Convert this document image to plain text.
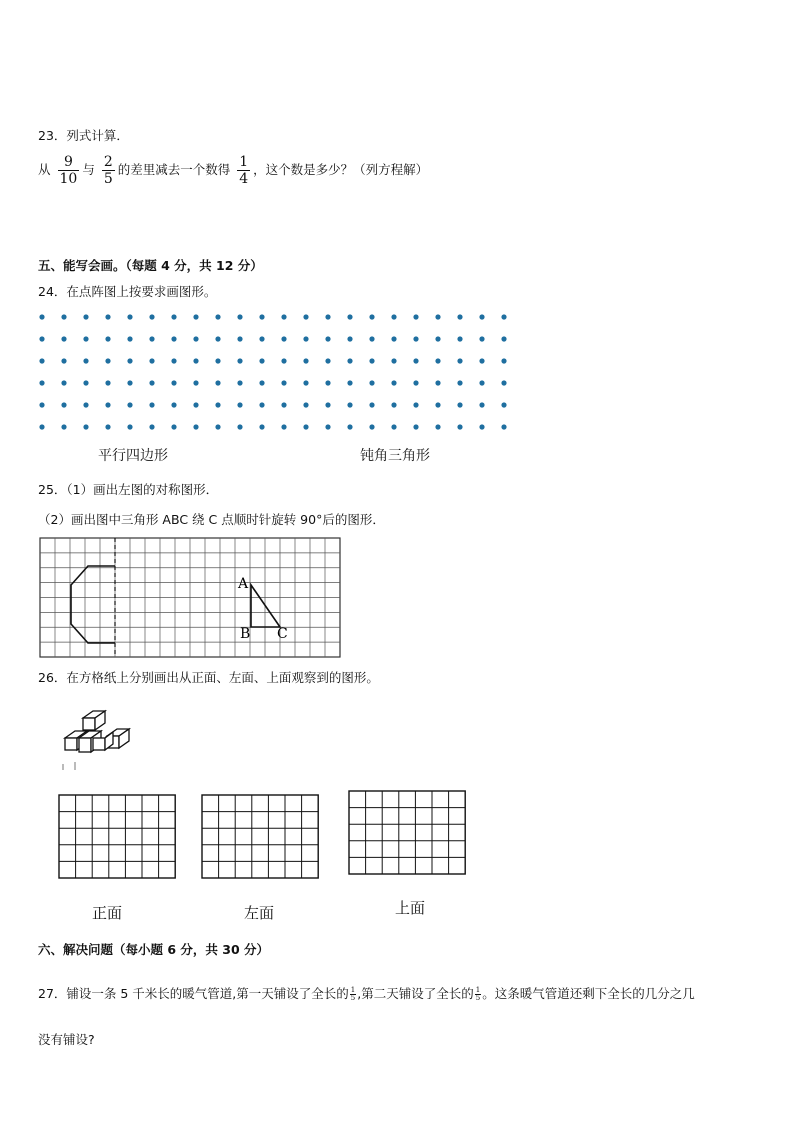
23．列式计算．
从 $\frac{9}{10}$ 与 $\frac{2}{5}$ 的差里减去一个数得 $\frac{1}{4}$ ，这个数是多少？（列方程解）
五、能写会画。（每题 4 分，共 12 分）
24．在点阵图上按要求画图形。
平行四边形	钝角三角形
25．（1）画出左图的对称图形．
（2）画出图中三角形 ABC 绕 C 点顺时针旋转 90°后的图形．
A
B C
26．在方格纸上分别画出从正面、左面、上面观察到的图形。
正面	左面	上面
六、解决问题（每小题 6 分，共 30 分）
27．铺设一条 5 千米长的暖气管道,第一天铺设了全长的 $\frac{1}{5}$ ,第二天铺设了全长的 $\frac{1}{5}$ 。这条暖气管道还剩下全长的几分之几
没有铺设?
